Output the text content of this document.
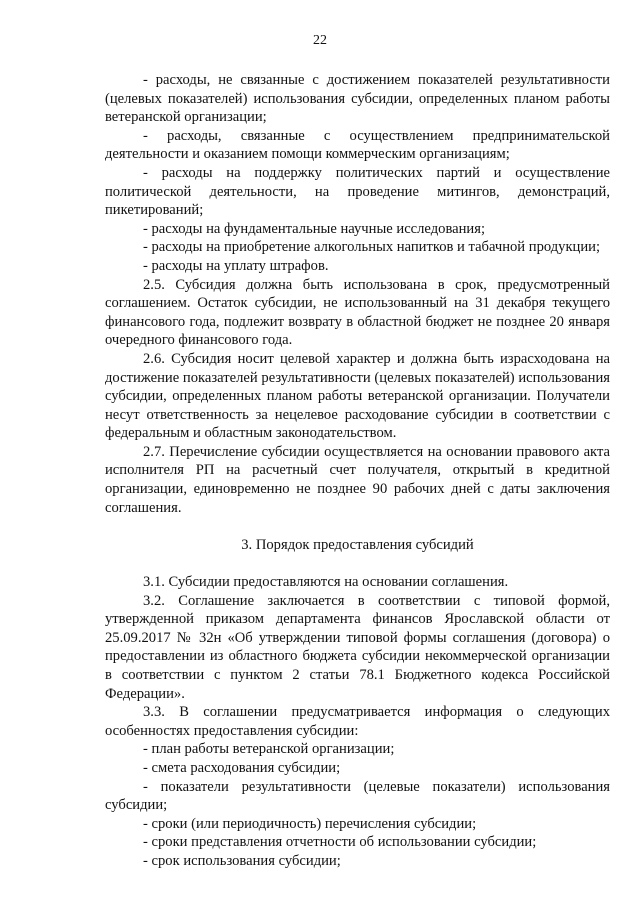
22

- расходы, не связанные с достижением показателей результативности (целевых показателей) использования субсидии, определенных планом работы ветеранской организации;

- расходы, связанные с осуществлением предпринимательской деятельности и оказанием помощи коммерческим организациям;

- расходы на поддержку политических партий и осуществление политической деятельности, на проведение митингов, демонстраций, пикетирований;

- расходы на фундаментальные научные исследования;

- расходы на приобретение алкогольных напитков и табачной продукции;

- расходы на уплату штрафов.

2.5. Субсидия должна быть использована в срок, предусмотренный соглашением. Остаток субсидии, не использованный на 31 декабря текущего финансового года, подлежит возврату в областной бюджет не позднее 20 января очередного финансового года.

2.6. Субсидия носит целевой характер и должна быть израсходована на достижение показателей результативности (целевых показателей) использования субсидии, определенных планом работы ветеранской организации. Получатели несут ответственность за нецелевое расходование субсидии в соответствии с федеральным и областным законодательством.

2.7. Перечисление субсидии осуществляется на основании правового акта исполнителя РП на расчетный счет получателя, открытый в кредитной организации, единовременно не позднее 90 рабочих дней с даты заключения соглашения.

3. Порядок предоставления субсидий

3.1. Субсидии предоставляются на основании соглашения.

3.2. Соглашение заключается в соответствии с типовой формой, утвержденной приказом департамента финансов Ярославской области от 25.09.2017 № 32н «Об утверждении типовой формы соглашения (договора) о предоставлении из областного бюджета субсидии некоммерческой организации в соответствии с пунктом 2 статьи 78.1 Бюджетного кодекса Российской Федерации».

3.3. В соглашении предусматривается информация о следующих особенностях предоставления субсидии:

- план работы ветеранской организации;

- смета расходования субсидии;

- показатели результативности (целевые показатели) использования субсидии;

- сроки (или периодичность) перечисления субсидии;

- сроки представления отчетности об использовании субсидии;

- срок использования субсидии;
